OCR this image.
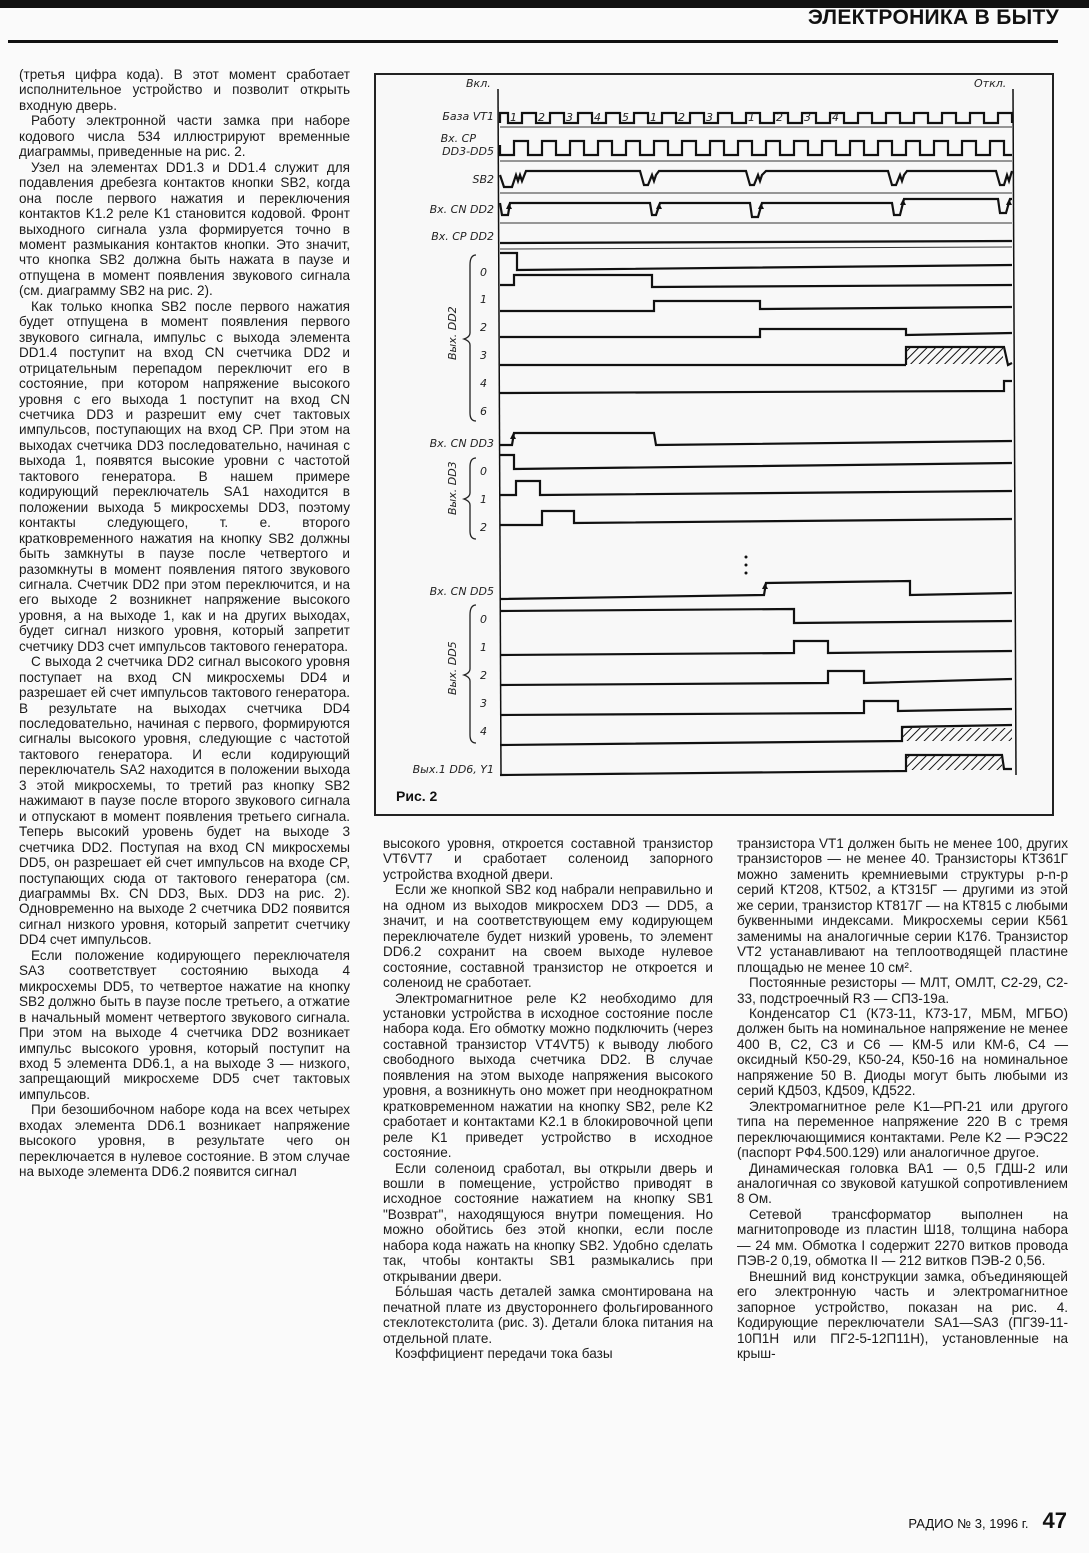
ЭЛЕКТРОНИКА В БЫТУ

(третья цифра кода). В этот момент сработает исполнительное устройство и позволит открыть входную дверь.

Работу электронной части замка при наборе кодового числа 534 иллюстрируют временные диаграммы, приведенные на рис. 2.

Узел на элементах DD1.3 и DD1.4 служит для подавления дребезга контактов кнопки SB2, когда она после первого нажатия и переключения контактов K1.2 реле K1 становится кодовой. Фронт выходного сигнала узла формируется точно в момент размыкания контактов кнопки. Это значит, что кнопка SB2 должна быть нажата в паузе и отпущена в момент появления звукового сигнала (см. диаграмму SB2 на рис. 2).

Как только кнопка SB2 после первого нажатия будет отпущена в момент появления первого звукового сигнала, импульс с выхода элемента DD1.4 поступит на вход CN счетчика DD2 и отрицательным перепадом переключит его в состояние, при котором напряжение высокого уровня с его выхода 1 поступит на вход CN счетчика DD3 и разрешит ему счет тактовых импульсов, поступающих на вход CP. При этом на выходах счетчика DD3 последовательно, начиная с выхода 1, появятся высокие уровни с частотой тактового генератора. В нашем примере кодирующий переключатель SA1 находится в положении выхода 5 микросхемы DD3, поэтому контакты следующего, т. е. второго кратковременного нажатия на кнопку SB2 должны быть замкнуты в паузе после четвертого и разомкнуты в момент появления пятого звукового сигнала. Счетчик DD2 при этом переключится, и на его выходе 2 возникнет напряжение высокого уровня, а на выходе 1, как и на других выходах, будет сигнал низкого уровня, который запретит счетчику DD3 счет импульсов тактового генератора.

С выхода 2 счетчика DD2 сигнал высокого уровня поступает на вход CN микросхемы DD4 и разрешает ей счет импульсов тактового генератора. В результате на выходах счетчика DD4 последовательно, начиная с первого, формируются сигналы высокого уровня, следующие с частотой тактового генератора. И если кодирующий переключатель SA2 находится в положении выхода 3 этой микросхемы, то третий раз кнопку SB2 нажимают в паузе после второго звукового сигнала и отпускают в момент появления третьего сигнала. Теперь высокий уровень будет на выходе 3 счетчика DD2. Поступая на вход CN микросхемы DD5, он разрешает ей счет импульсов на входе CP, поступающих сюда от тактового генератора (см. диаграммы Вх. CN DD3, Вых. DD3 на рис. 2). Одновременно на выходе 2 счетчика DD2 появится сигнал низкого уровня, который запретит счетчику DD4 счет импульсов.

Если положение кодирующего переключателя SA3 соответствует состоянию выхода 4 микросхемы DD5, то четвертое нажатие на кнопку SB2 должно быть в паузе после третьего, а отжатие в начальный момент четвертого звукового сигнала. При этом на выходе 4 счетчика DD2 возникает импульс высокого уровня, который поступит на вход 5 элемента DD6.1, а на выходе 3 — низкого, запрещающий микросхеме DD5 счет тактовых импульсов.

При безошибочном наборе кода на всех четырех входах элемента DD6.1 возникает напряжение высокого уровня, в результате чего он переключается в нулевое состояние. В этом случае на выходе элемента DD6.2 появится сигнал

Вкл.	Откл.
База VT1
Вх. CP
DD3-DD5
SB2
Вх. CN DD2
Вх. CP DD2
Вх. CN DD3
Вх. CN DD5
Вых.1 DD6, Y1
0
1
2
3
4
6
Вых. DD2
0
1
2
Вых. DD3
0
1
2
3
4
Вых. DD5
1 2 3 4 5 1 2 3	1 2 3 4
Рис. 2

высокого уровня, откроется составной транзистор VT6VT7 и сработает соленоид запорного устройства входной двери.

Если же кнопкой SB2 код набрали неправильно и на одном из выходов микросхем DD3 — DD5, а значит, и на соответствующем ему кодирующем переключателе будет низкий уровень, то элемент DD6.2 сохранит на своем выходе нулевое состояние, составной транзистор не откроется и соленоид не сработает.

Электромагнитное реле K2 необходимо для установки устройства в исходное состояние после набора кода. Его обмотку можно подключить (через составной транзистор VT4VT5) к выводу любого свободного выхода счетчика DD2. В случае появления на этом выходе напряжения высокого уровня, а возникнуть оно может при неоднократном кратковременном нажатии на кнопку SB2, реле K2 сработает и контактами K2.1 в блокировочной цепи реле K1 приведет устройство в исходное состояние.

Если соленоид сработал, вы открыли дверь и вошли в помещение, устройство приводят в исходное состояние нажатием на кнопку SB1 "Возврат", находящуюся внутри помещения. Но можно обойтись без этой кнопки, если после набора кода нажать на кнопку SB2. Удобно сделать так, чтобы контакты SB1 размыкались при открывании двери.

Бо́льшая часть деталей замка смонтирована на печатной плате из двустороннего фольгированного стеклотекстолита (рис. 3). Детали блока питания на отдельной плате.

Коэффициент передачи тока базы

транзистора VT1 должен быть не менее 100, других транзисторов — не менее 40. Транзисторы КТ361Г можно заменить кремниевыми структуры p-n-p серий КТ208, КТ502, а КТ315Г — другими из этой же серии, транзистор КТ817Г — на КТ815 с любыми буквенными индексами. Микросхемы серии К561 заменимы на аналогичные серии К176. Транзистор VT2 устанавливают на теплоотводящей пластине площадью не менее 10 см².

Постоянные резисторы — МЛТ, ОМЛТ, С2-29, С2-33, подстроечный R3 — СП3-19а.

Конденсатор C1 (К73-11, К73-17, МБМ, МГБО) должен быть на номинальное напряжение не менее 400 В, C2, C3 и C6 — КМ-5 или КМ-6, C4 — оксидный К50-29, К50-24, К50-16 на номинальное напряжение 50 В. Диоды могут быть любыми из серий КД503, КД509, КД522.

Электромагнитное реле K1—РП-21 или другого типа на переменное напряжение 220 В с тремя переключающимися контактами. Реле K2 — РЭС22 (паспорт РФ4.500.129) или аналогичное другое.

Динамическая головка BA1 — 0,5 ГДШ-2 или аналогичная со звуковой катушкой сопротивлением 8 Ом.

Сетевой трансформатор выполнен на магнитопроводе из пластин Ш18, толщина набора — 24 мм. Обмотка I содержит 2270 витков провода ПЭВ-2 0,19, обмотка II — 212 витков ПЭВ-2 0,56.

Внешний вид конструкции замка, объединяющей его электронную часть и электромагнитное запорное устройство, показан на рис. 4. Кодирующие переключатели SA1—SA3 (ПГ39-11-10П1Н или ПГ2-5-12П11Н), установленные на крыш-

РАДИО № 3, 1996 г. 47
